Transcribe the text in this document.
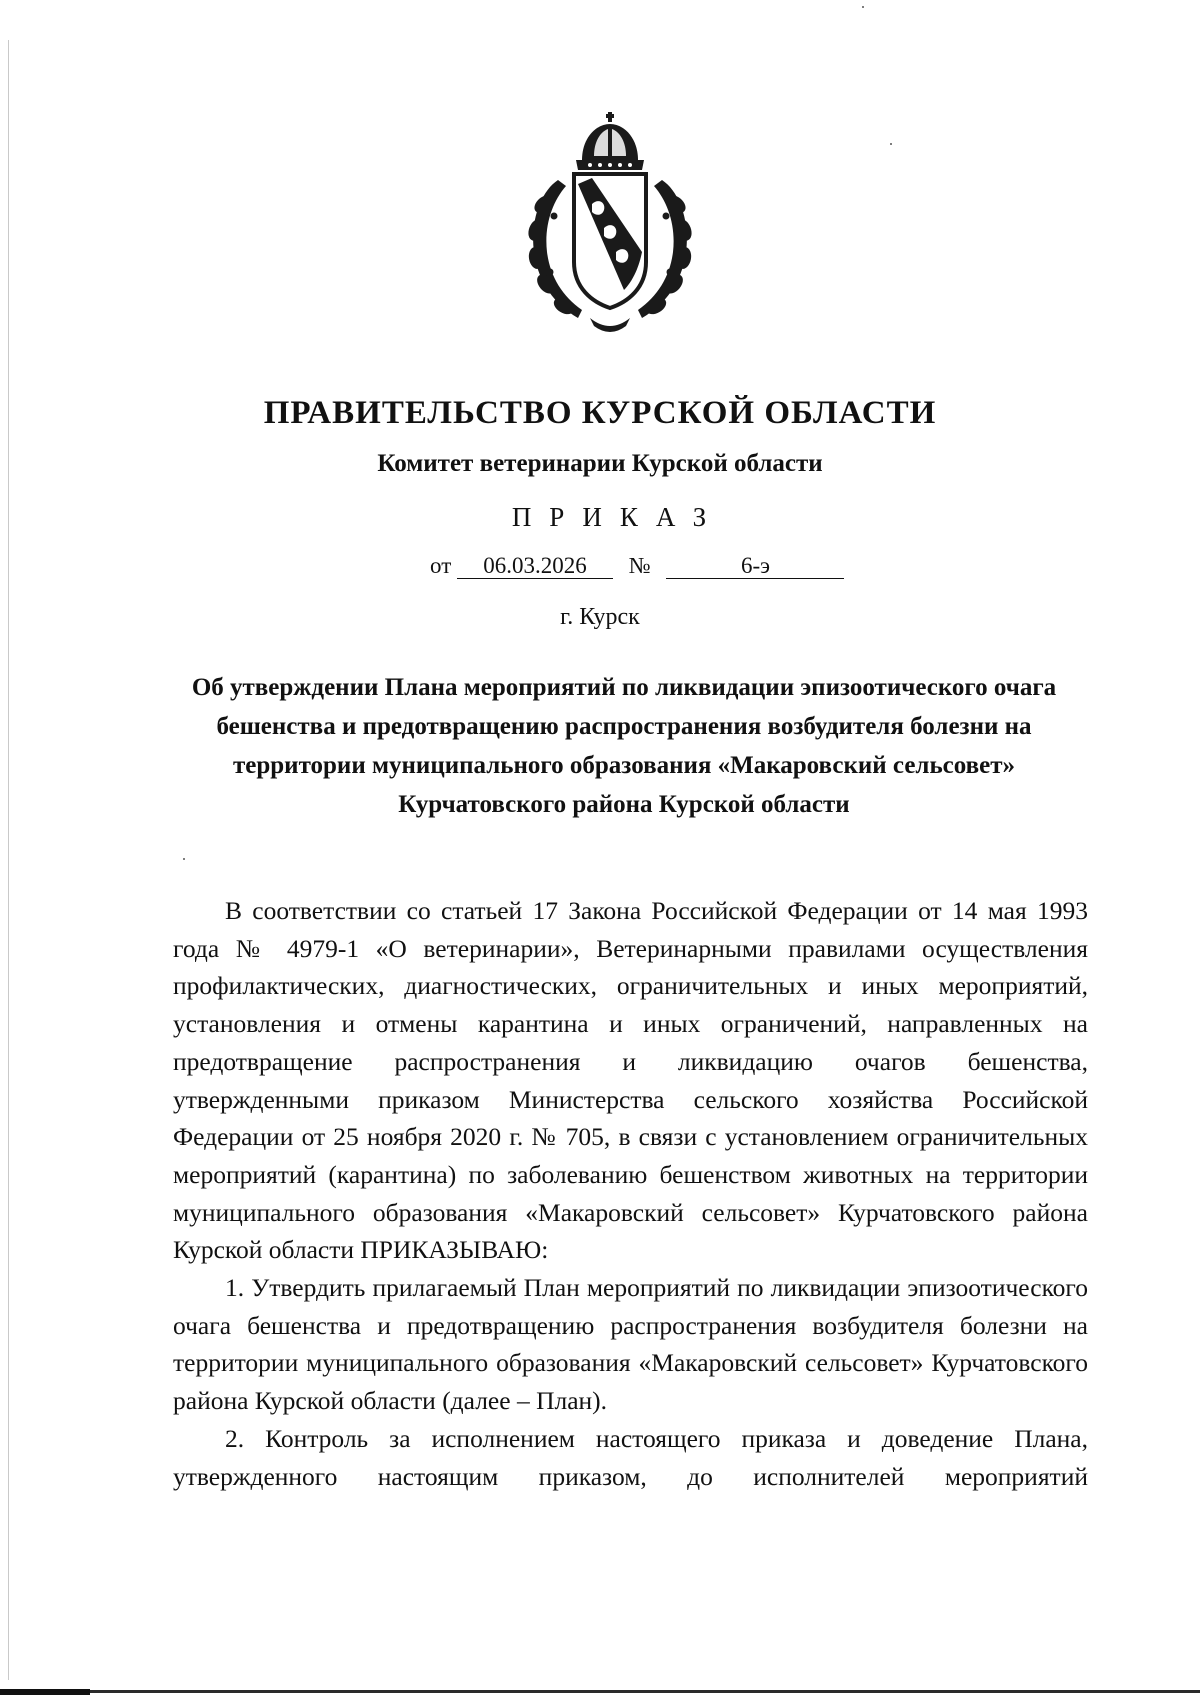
ПРАВИТЕЛЬСТВО КУРСКОЙ ОБЛАСТИ
Комитет ветеринарии Курской области
ПРИКАЗ
от 06.03.2026 №	6-э
г. Курск
Об утверждении Плана мероприятий по ликвидации эпизоотического очага бешенства и предотвращению распространения возбудителя болезни на территории муниципального образования «Макаровский сельсовет» Курчатовского района Курской области

В соответствии со статьей 17 Закона Российской Федерации от 14 мая 1993 года № 4979-1 «О ветеринарии», Ветеринарными правилами осуществления профилактических, диагностических, ограничительных и иных мероприятий, установления и отмены карантина и иных ограничений, направленных на предотвращение распространения и ликвидацию очагов бешенства, утвержденными приказом Министерства сельского хозяйства Российской Федерации от 25 ноября 2020 г. № 705, в связи с установлением ограничительных мероприятий (карантина) по заболеванию бешенством животных на территории муниципального образования «Макаровский сельсовет» Курчатовского района Курской области ПРИКАЗЫВАЮ:

1. Утвердить прилагаемый План мероприятий по ликвидации эпизоотического очага бешенства и предотвращению распространения возбудителя болезни на территории муниципального образования «Макаровский сельсовет» Курчатовского района Курской области (далее – План).

2. Контроль за исполнением настоящего приказа и доведение Плана, утвержденного настоящим приказом, до исполнителей мероприятий
